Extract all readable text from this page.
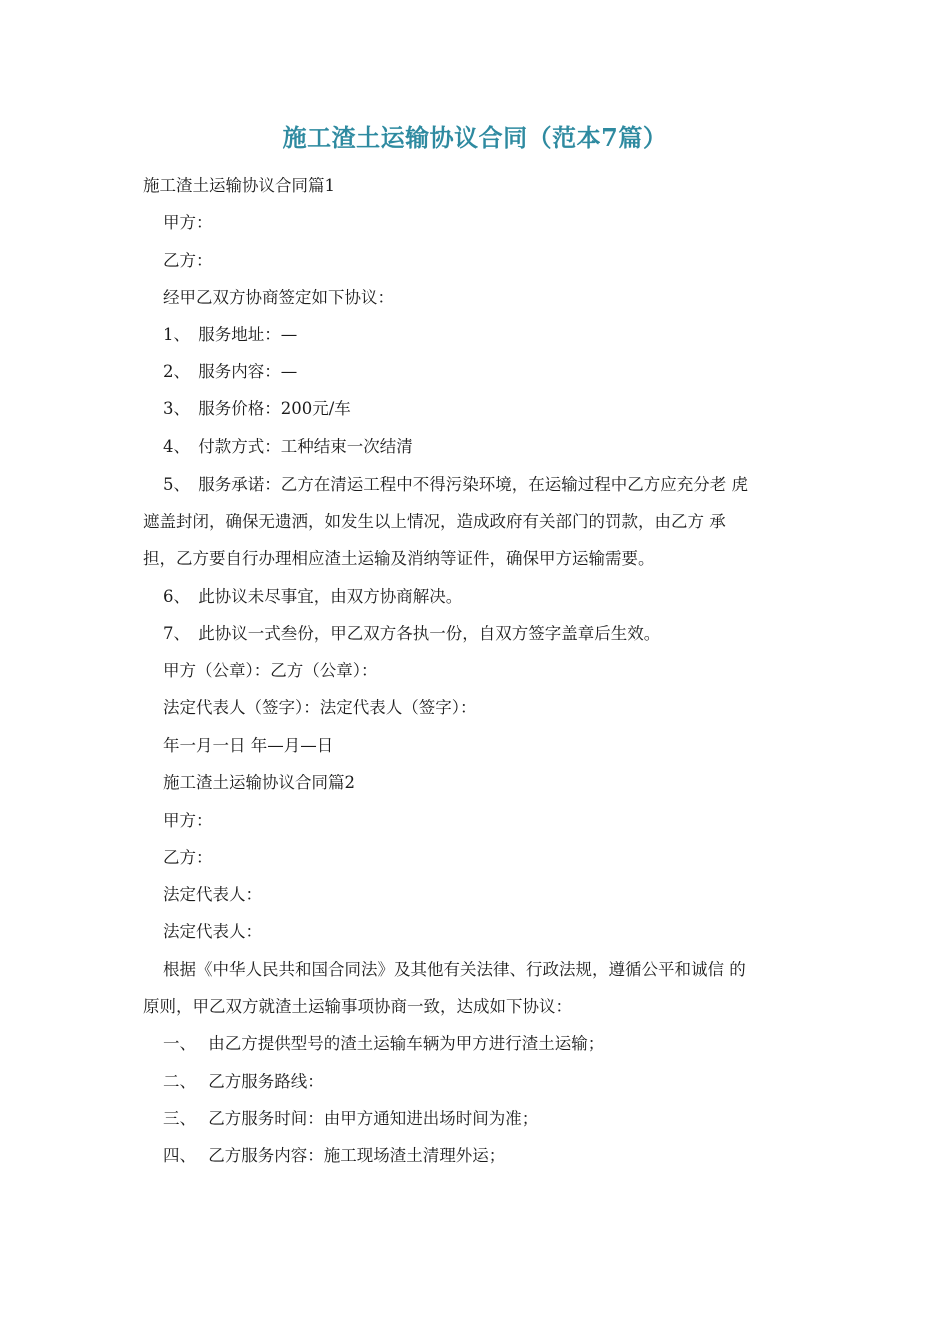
施工渣土运输协议合同（范本7篇）
施工渣土运输协议合同篇1
甲方：
乙方：
经甲乙双方协商签定如下协议：
1、 服务地址：—
2、 服务内容：—
3、 服务价格：200元/车
4、 付款方式：工种结束一次结清
5、 服务承诺：乙方在清运工程中不得污染环境，在运输过程中乙方应充分老 虎
遮盖封闭，确保无遗洒，如发生以上情况，造成政府有关部门的罚款，由乙方 承
担，乙方要自行办理相应渣土运输及消纳等证件，确保甲方运输需要。
6、 此协议未尽事宜，由双方协商解决。
7、 此协议一式叁份，甲乙双方各执一份，自双方签字盖章后生效。
甲方（公章）：乙方（公章）：
法定代表人（签字）：法定代表人（签字）：
年一月一日 年—月—日
施工渣土运输协议合同篇2
甲方：
乙方：
法定代表人：
法定代表人：
根据《中华人民共和国合同法》及其他有关法律、行政法规，遵循公平和诚信 的
原则，甲乙双方就渣土运输事项协商一致，达成如下协议：
一、 由乙方提供型号的渣土运输车辆为甲方进行渣土运输；
二、 乙方服务路线：
三、 乙方服务时间：由甲方通知进出场时间为准；
四、 乙方服务内容：施工现场渣土清理外运；
